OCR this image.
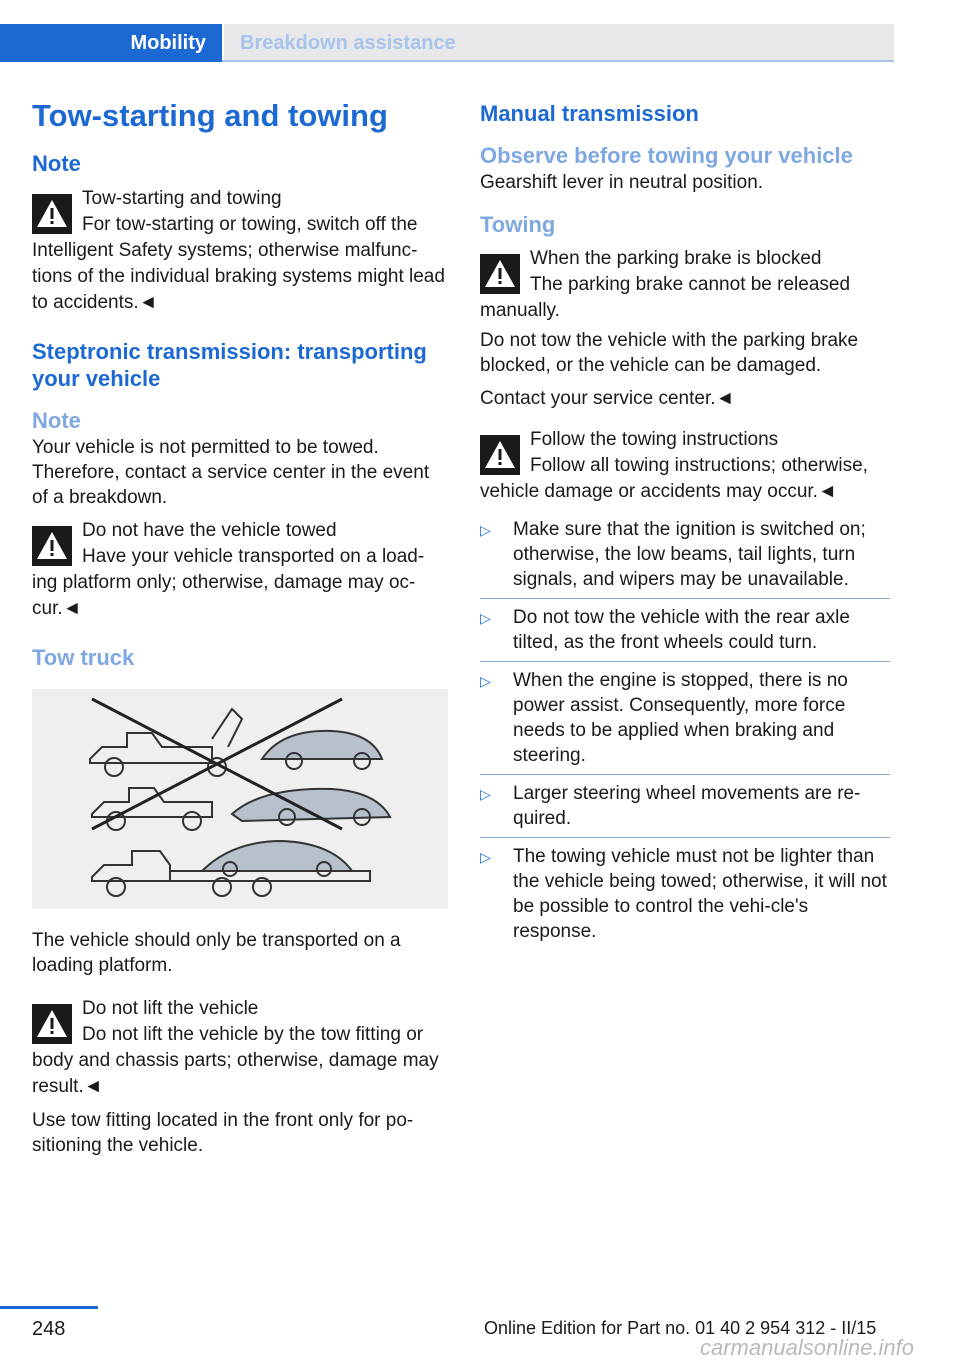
Mobility	Breakdown assistance
Tow-starting and towing
Note
Tow-starting and towing
For tow-starting or towing, switch off the Intelligent Safety systems; otherwise malfunc-tions of the individual braking systems might lead to accidents.◄
Steptronic transmission: transporting your vehicle
Note

Your vehicle is not permitted to be towed. Therefore, contact a service center in the event of a breakdown.

Do not have the vehicle towed
Have your vehicle transported on a load-ing platform only; otherwise, damage may oc-cur.◄
Tow truck

The vehicle should only be transported on a loading platform.

Do not lift the vehicle
Do not lift the vehicle by the tow fitting or body and chassis parts; otherwise, damage may result.◄

Use tow fitting located in the front only for po-sitioning the vehicle.

Manual transmission
Observe before towing your vehicle

Gearshift lever in neutral position.

Towing
When the parking brake is blocked
The parking brake cannot be released manually.

Do not tow the vehicle with the parking brake blocked, or the vehicle can be damaged.

Contact your service center.◄

Follow the towing instructions
Follow all towing instructions; otherwise, vehicle damage or accidents may occur.◄
▷ Make sure that the ignition is switched on; otherwise, the low beams, tail lights, turn signals, and wipers may be unavailable.
▷ Do not tow the vehicle with the rear axle tilted, as the front wheels could turn.
▷ When the engine is stopped, there is no power assist. Consequently, more force needs to be applied when braking and steering.
▷ Larger steering wheel movements are re-quired.
▷ The towing vehicle must not be lighter than the vehicle being towed; otherwise, it will not be possible to control the vehi-cle's response.
248	Online Edition for Part no. 01 40 2 954 312 - II/15
carmanualsonline.info
